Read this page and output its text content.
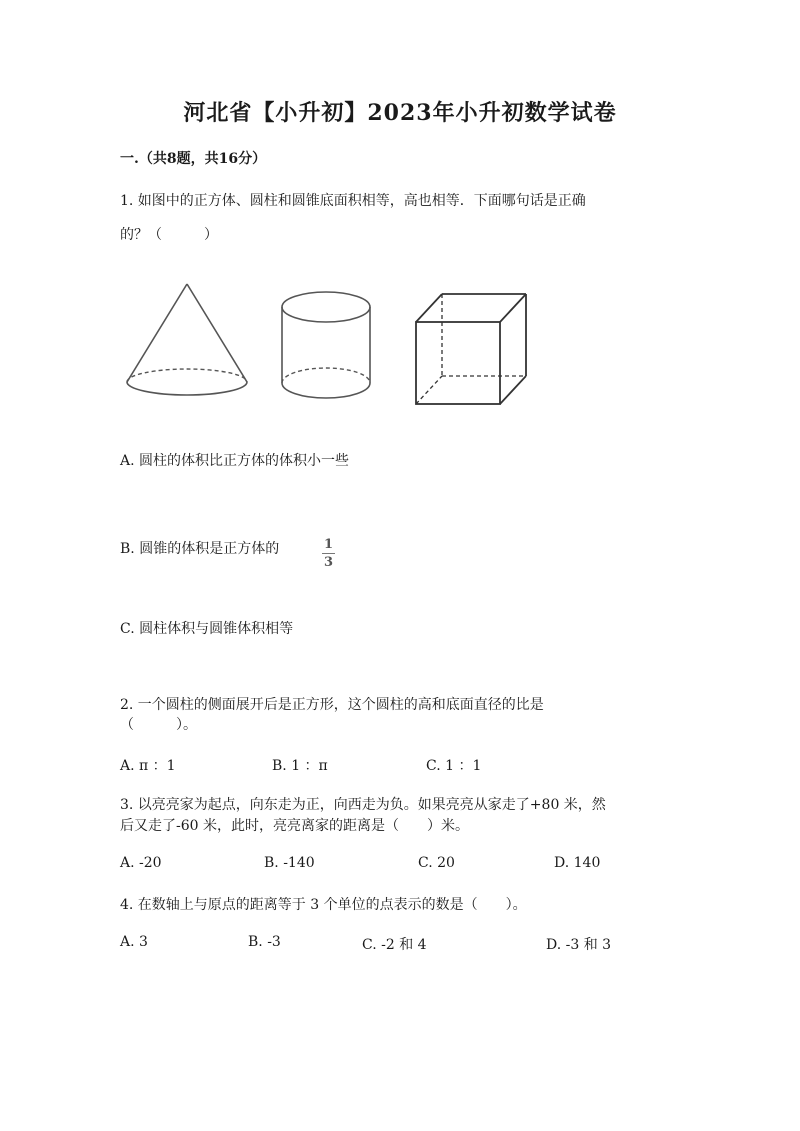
河北省【小升初】2023年小升初数学试卷
一.（共8题，共16分）
1. 如图中的正方体、圆柱和圆锥底面积相等，高也相等．下面哪句话是正确
的？（　　　）
A. 圆柱的体积比正方体的体积小一些
B. 圆锥的体积是正方体的	$\frac{1}{3}$
C. 圆柱体积与圆锥体积相等
2. 一个圆柱的侧面展开后是正方形，这个圆柱的高和底面直径的比是
（　　　）。
A. π ：1	B. 1 ：π	C. 1 ：1
3. 以亮亮家为起点，向东走为正，向西走为负。如果亮亮从家走了+80 米，然
后又走了-60 米，此时，亮亮离家的距离是（　　）米。
A. -20	B. -140	C. 20	D. 140
4. 在数轴上与原点的距离等于 3 个单位的点表示的数是（　　）。
A. 3	B. -3	C. -2 和 4	D. -3 和 3
